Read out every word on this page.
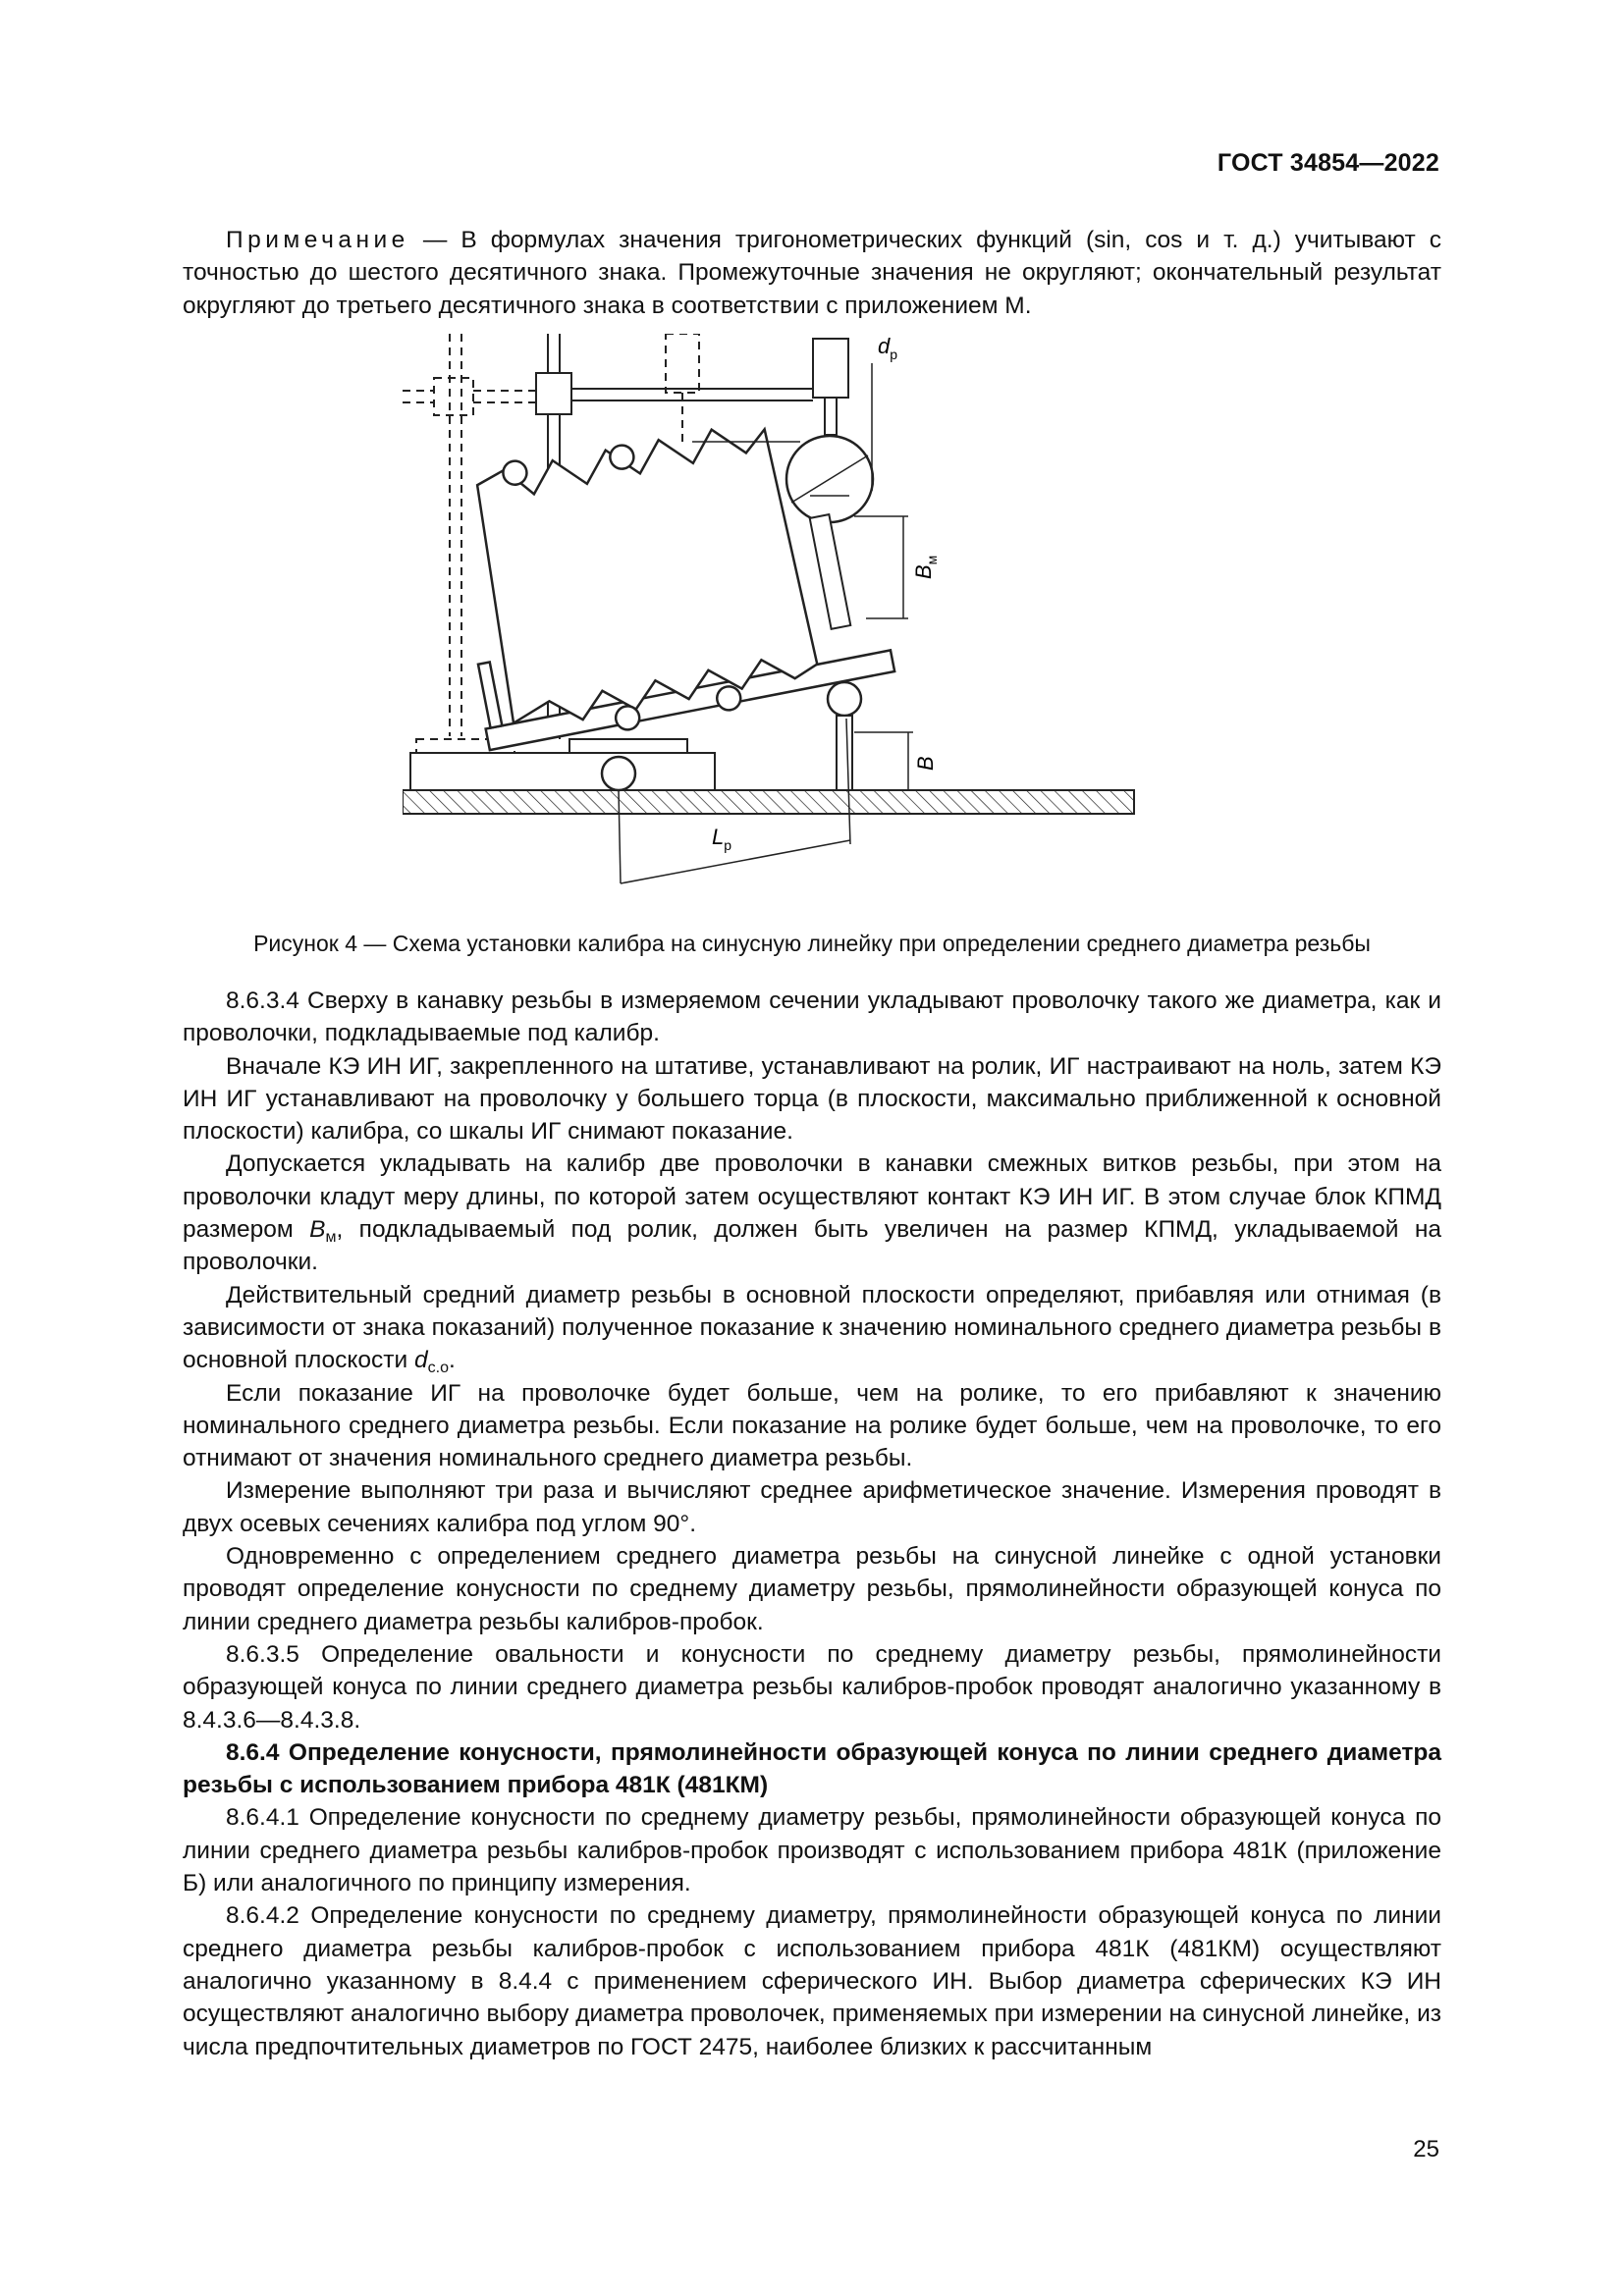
ГОСТ 34854—2022

Примечание — В формулах значения тригонометрических функций (sin, cos и т. д.) учитывают с точностью до шестого десятичного знака. Промежуточные значения не округляют; окончательный результат округляют до третьего десятичного знака в соответствии с приложением М.

$d_р$
$B_м$
B
$L_р$
Рисунок 4 — Схема установки калибра на синусную линейку при определении среднего диаметра резьбы

8.6.3.4 Сверху в канавку резьбы в измеряемом сечении укладывают проволочку такого же диаметра, как и проволочки, подкладываемые под калибр.

Вначале КЭ ИН ИГ, закрепленного на штативе, устанавливают на ролик, ИГ настраивают на ноль, затем КЭ ИН ИГ устанавливают на проволочку у большего торца (в плоскости, максимально приближенной к основной плоскости) калибра, со шкалы ИГ снимают показание.

Допускается укладывать на калибр две проволочки в канавки смежных витков резьбы, при этом на проволочки кладут меру длины, по которой затем осуществляют контакт КЭ ИН ИГ. В этом случае блок КПМД размером $B_м$, подкладываемый под ролик, должен быть увеличен на размер КПМД, укладываемой на проволочки.

Действительный средний диаметр резьбы в основной плоскости определяют, прибавляя или отнимая (в зависимости от знака показаний) полученное показание к значению номинального среднего диаметра резьбы в основной плоскости $d_{с.о}$.

Если показание ИГ на проволочке будет больше, чем на ролике, то его прибавляют к значению номинального среднего диаметра резьбы. Если показание на ролике будет больше, чем на проволочке, то его отнимают от значения номинального среднего диаметра резьбы.

Измерение выполняют три раза и вычисляют среднее арифметическое значение. Измерения проводят в двух осевых сечениях калибра под углом 90°.

Одновременно с определением среднего диаметра резьбы на синусной линейке с одной установки проводят определение конусности по среднему диаметру резьбы, прямолинейности образующей конуса по линии среднего диаметра резьбы калибров-пробок.

8.6.3.5 Определение овальности и конусности по среднему диаметру резьбы, прямолинейности образующей конуса по линии среднего диаметра резьбы калибров-пробок проводят аналогично указанному в 8.4.3.6—8.4.3.8.

8.6.4 Определение конусности, прямолинейности образующей конуса по линии среднего диаметра резьбы с использованием прибора 481К (481КМ)

8.6.4.1 Определение конусности по среднему диаметру резьбы, прямолинейности образующей конуса по линии среднего диаметра резьбы калибров-пробок производят с использованием прибора 481К (приложение Б) или аналогичного по принципу измерения.

8.6.4.2 Определение конусности по среднему диаметру, прямолинейности образующей конуса по линии среднего диаметра резьбы калибров-пробок с использованием прибора 481К (481КМ) осуществляют аналогично указанному в 8.4.4 с применением сферического ИН. Выбор диаметра сферических КЭ ИН осуществляют аналогично выбору диаметра проволочек, применяемых при измерении на синусной линейке, из числа предпочтительных диаметров по ГОСТ 2475, наиболее близких к рассчитанным

25
